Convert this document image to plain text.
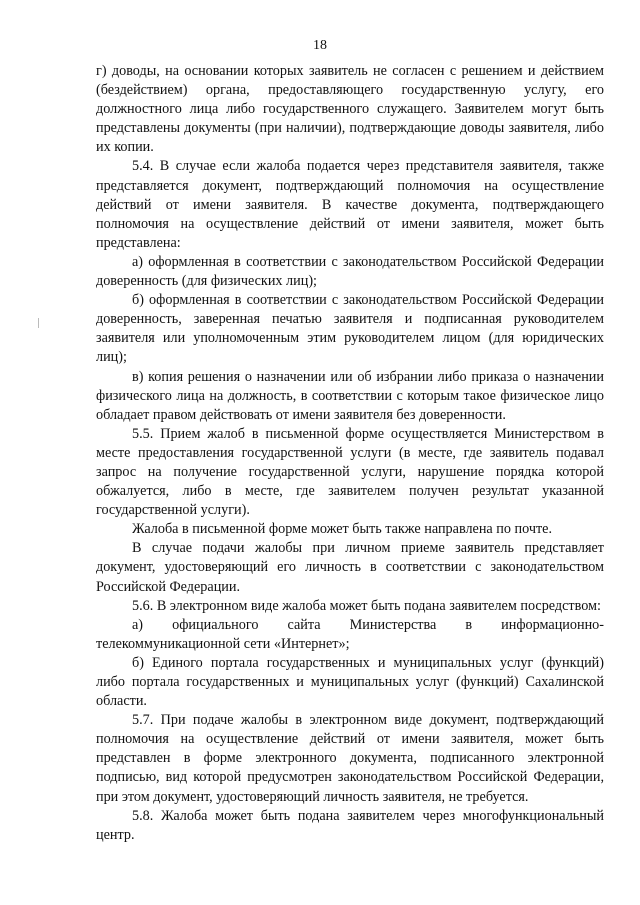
18

г) доводы, на основании которых заявитель не согласен с решением и действием (бездействием) органа, предоставляющего государственную услугу, его должностного лица либо государственного служащего. Заявителем могут быть представлены документы (при наличии), подтверждающие доводы заявителя, либо их копии.

5.4. В случае если жалоба подается через представителя заявителя, также представляется документ, подтверждающий полномочия на осуществление действий от имени заявителя. В качестве документа, подтверждающего полномочия на осуществление действий от имени заявителя, может быть представлена:

а) оформленная в соответствии с законодательством Российской Федерации доверенность (для физических лиц);

б) оформленная в соответствии с законодательством Российской Федерации доверенность, заверенная печатью заявителя и подписанная руководителем заявителя или уполномоченным этим руководителем лицом (для юридических лиц);

в) копия решения о назначении или об избрании либо приказа о назначении физического лица на должность, в соответствии с которым такое физическое лицо обладает правом действовать от имени заявителя без доверенности.

5.5. Прием жалоб в письменной форме осуществляется Министерством в месте предоставления государственной услуги (в месте, где заявитель подавал запрос на получение государственной услуги, нарушение порядка которой обжалуется, либо в месте, где заявителем получен результат указанной государственной услуги).

Жалоба в письменной форме может быть также направлена по почте.

В случае подачи жалобы при личном приеме заявитель представляет документ, удостоверяющий его личность в соответствии с законодательством Российской Федерации.

5.6. В электронном виде жалоба может быть подана заявителем посредством:

а) официального сайта Министерства в информационно-телекоммуникационной сети «Интернет»;

б) Единого портала государственных и муниципальных услуг (функций) либо портала государственных и муниципальных услуг (функций) Сахалинской области.

5.7. При подаче жалобы в электронном виде документ, подтверждающий полномочия на осуществление действий от имени заявителя, может быть представлен в форме электронного документа, подписанного электронной подписью, вид которой предусмотрен законодательством Российской Федерации, при этом документ, удостоверяющий личность заявителя, не требуется.

5.8. Жалоба может быть подана заявителем через многофункциональный центр.
